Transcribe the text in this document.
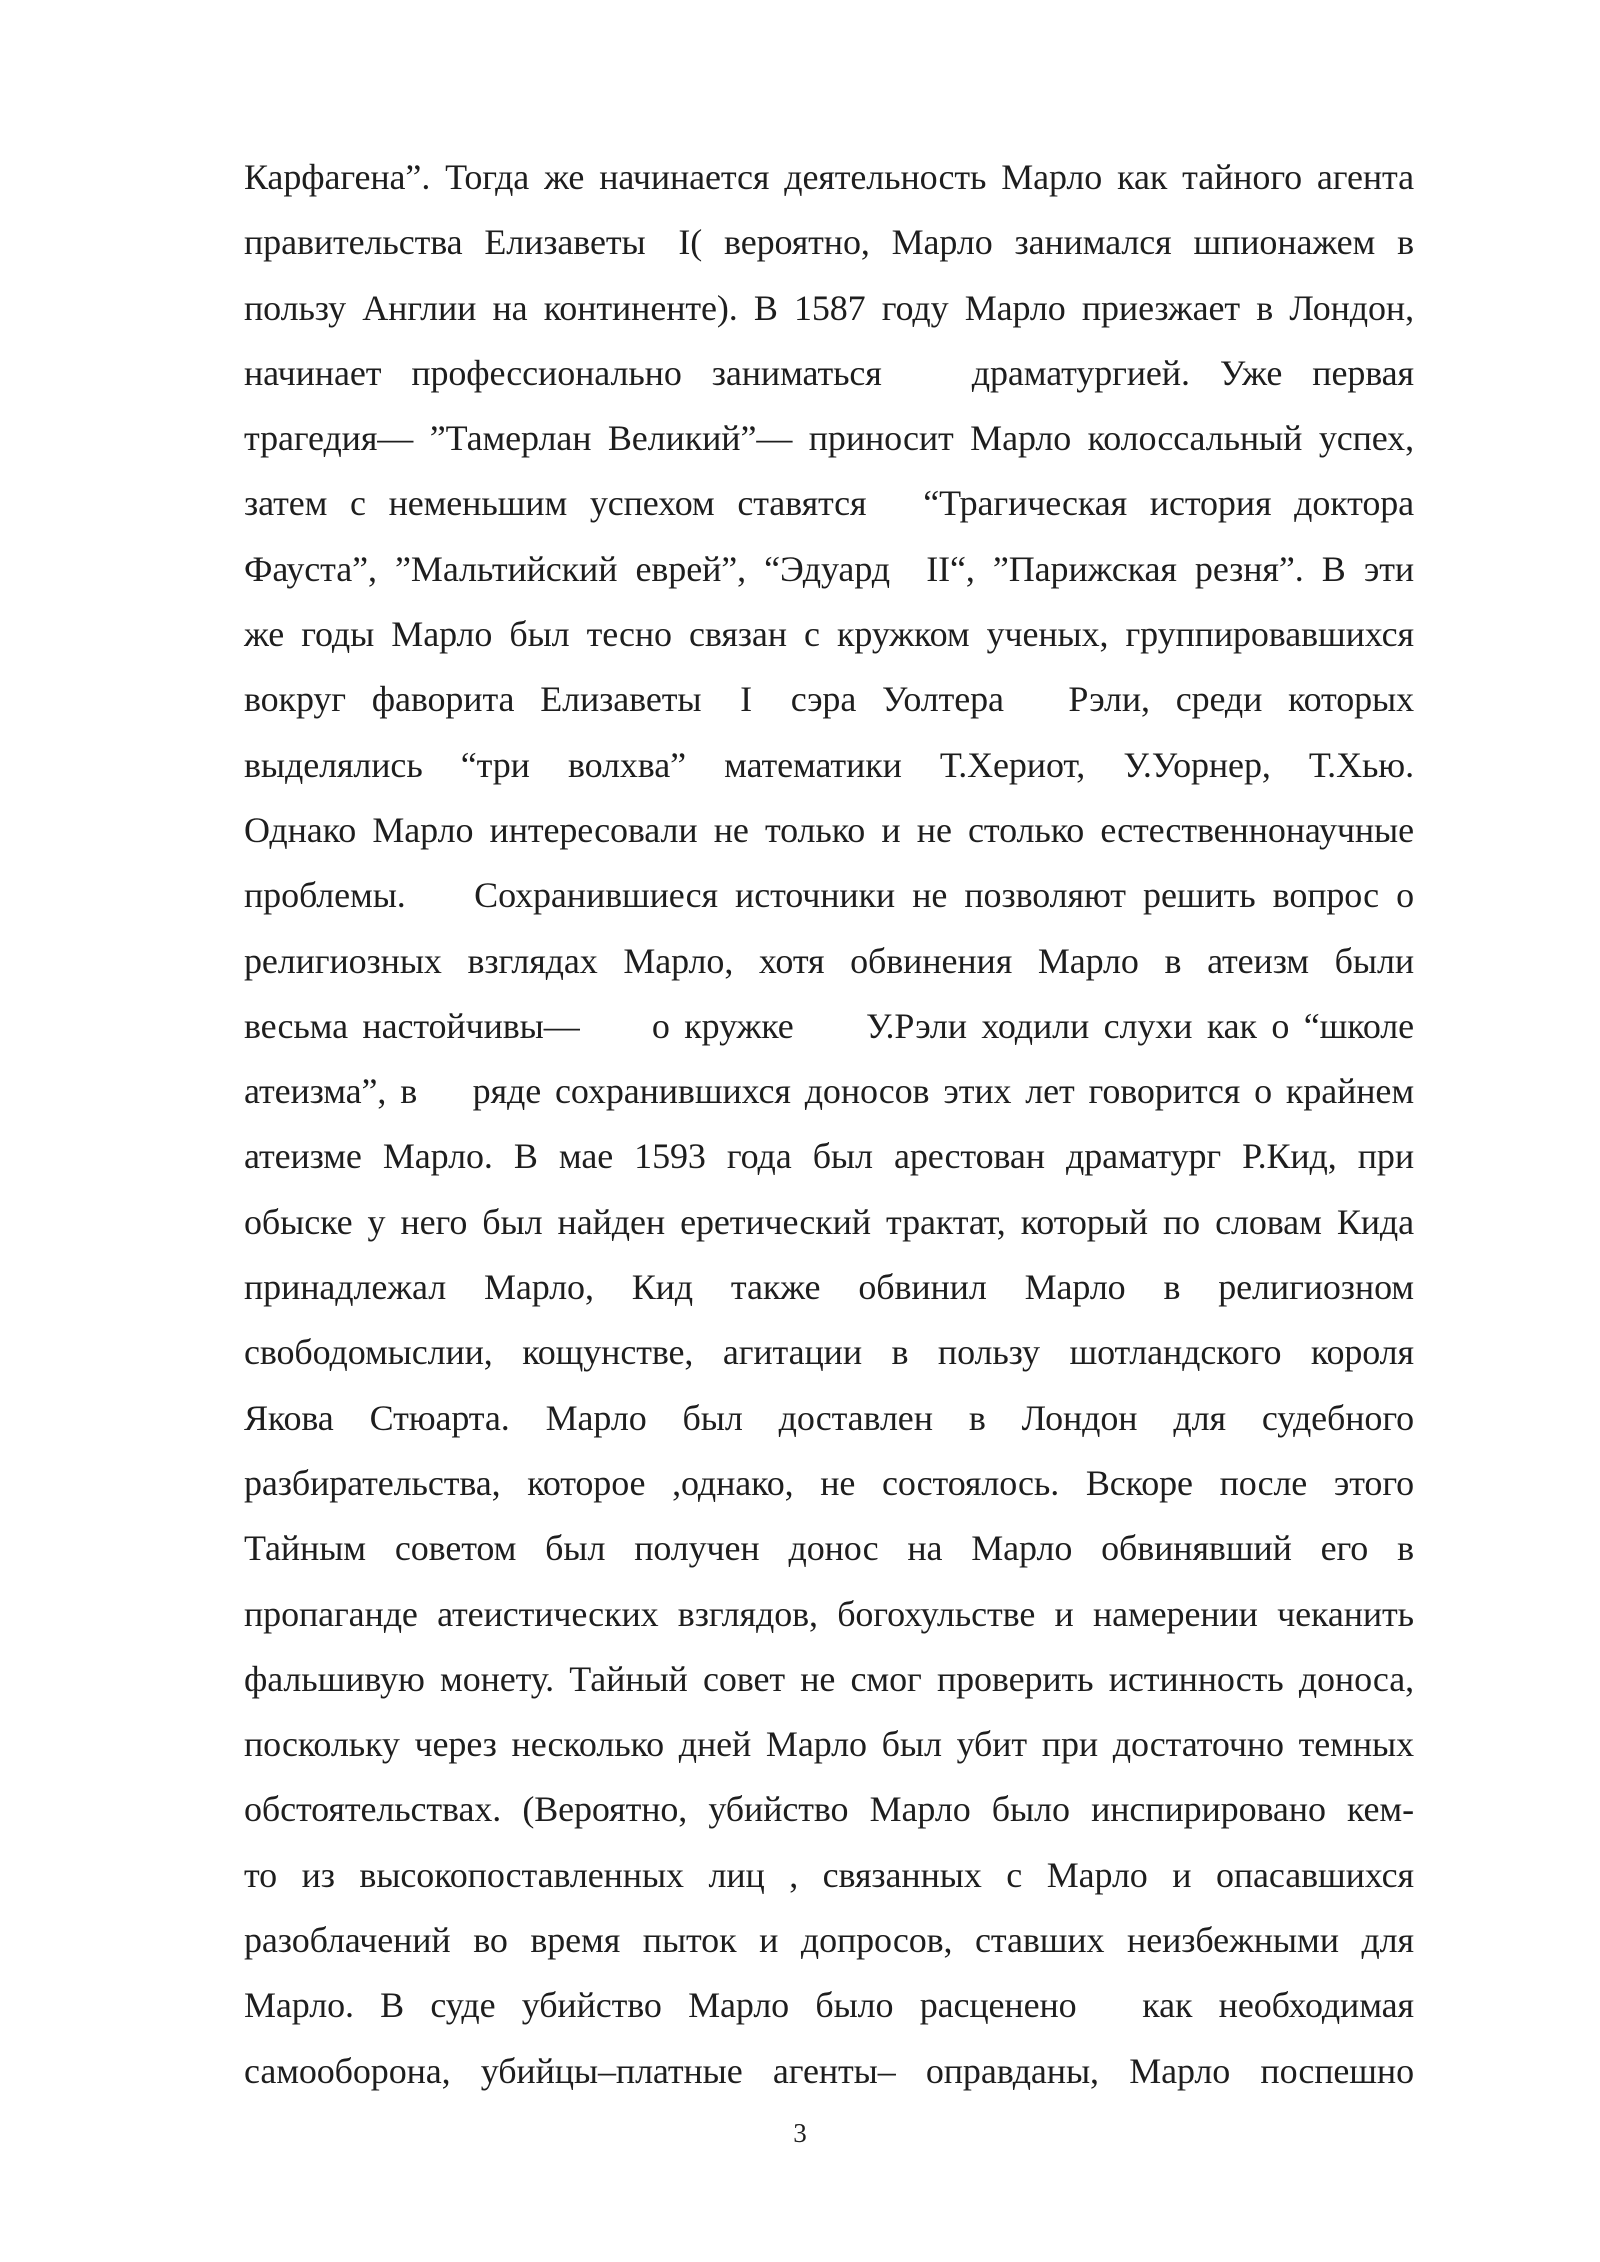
Карфагена”. Тогда же начинается деятельность Марло как тайного агента
правительства  Елизаветы   I(  вероятно,  Марло  занимался  шпионажем  в
пользу Англии на континенте). В 1587 году Марло приезжает в Лондон,
начинает  профессионально  заниматься      драматургией.  Уже  первая
трагедия— ”Тамерлан Великий”— приносит Марло колоссальный успех,
затем  с  неменьшим  успехом  ставятся     “Трагическая  история  доктора
Фауста”, ”Мальтийский еврей”, “Эдуард  II“, ”Парижская резня”. В эти
же годы Марло был тесно связан с кружком ученых, группировавшихся
вокруг  фаворита  Елизаветы   I   сэра  Уолтера     Рэли,  среди  которых
выделялись  “три  волхва”  математики  Т.Хериот,  У.Уорнер,  Т.Хью.
Однако Марло интересовали не только и не столько естественнонаучные
проблемы.    Сохранившиеся источники не позволяют решить вопрос о
религиозных  взглядах  Марло,  хотя  обвинения  Марло  в  атеизм  были
весьма настойчивы—     о кружке     У.Рэли ходили слухи как о “школе
атеизма”, в    ряде сохранившихся доносов этих лет говорится о крайнем
атеизме  Марло.  В  мае  1593  года  был  арестован  драматург  Р.Кид,  при
обыске у него был найден еретический трактат, который по словам Кида
принадлежал  Марло,  Кид  также  обвинил  Марло  в  религиозном
свободомыслии,  кощунстве,  агитации  в  пользу  шотландского  короля
Якова  Стюарта.  Марло  был  доставлен  в  Лондон  для  судебного
разбирательства,  которое  ,однако,  не  состоялось.  Вскоре  после  этого
Тайным  советом  был  получен  донос  на  Марло  обвинявший  его  в
пропаганде атеистических взглядов, богохульстве и намерении чеканить
фальшивую монету. Тайный совет не смог проверить истинность доноса,
поскольку через несколько дней Марло был убит при достаточно темных
обстоятельствах. (Вероятно, убийство Марло было инспирировано кем-
то  из  высокопоставленных  лиц  ,  связанных  с  Марло  и  опасавшихся
разоблачений во время пыток и допросов, ставших неизбежными для
Марло.  В  суде  убийство  Марло  было  расценено     как  необходимая
самооборона,  убийцы–платные  агенты–  оправданы,  Марло  поспешно
3
